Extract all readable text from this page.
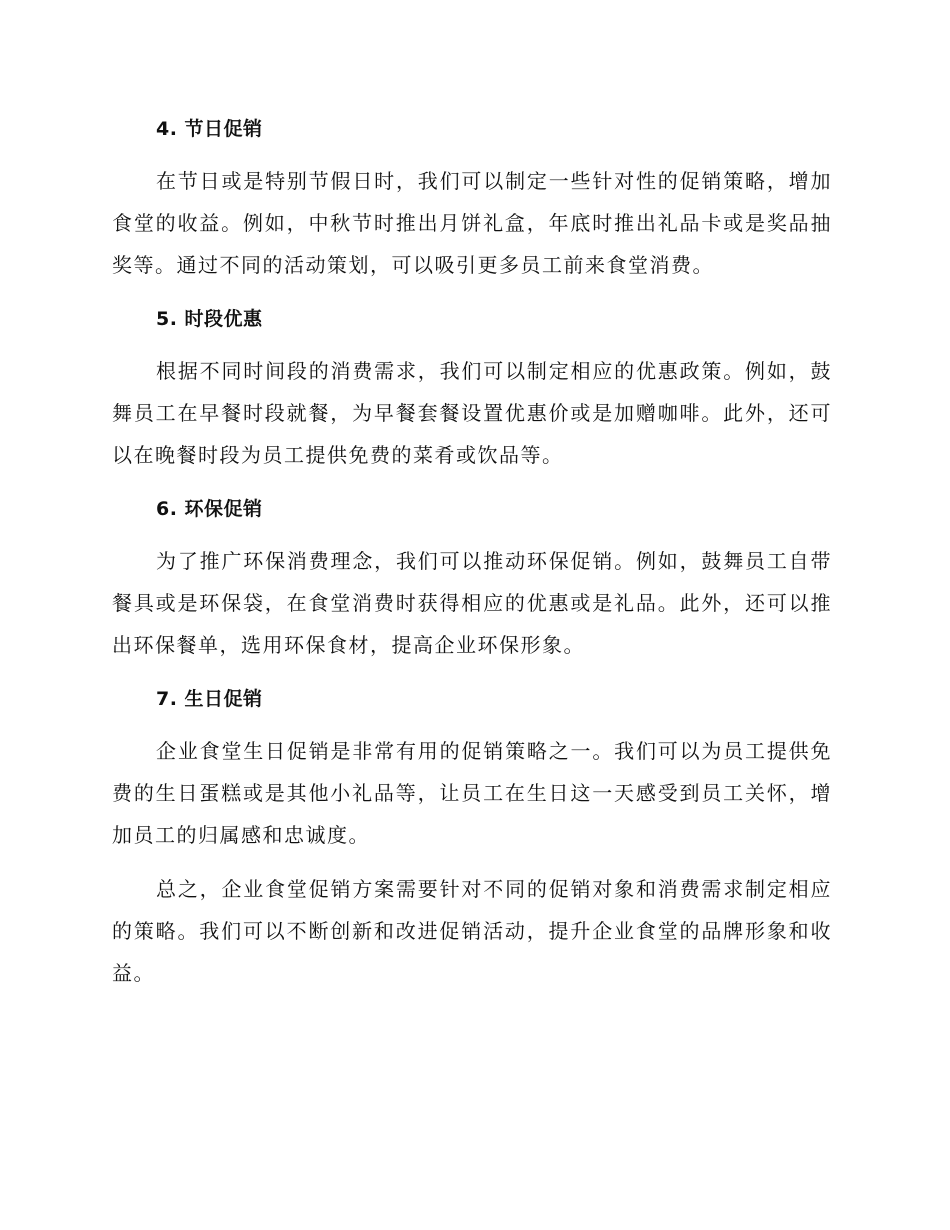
4. 节日促销

在节日或是特别节假日时，我们可以制定一些针对性的促销策略，增加食堂的收益。例如，中秋节时推出月饼礼盒，年底时推出礼品卡或是奖品抽奖等。通过不同的活动策划，可以吸引更多员工前来食堂消费。

5. 时段优惠

根据不同时间段的消费需求，我们可以制定相应的优惠政策。例如，鼓舞员工在早餐时段就餐，为早餐套餐设置优惠价或是加赠咖啡。此外，还可以在晚餐时段为员工提供免费的菜肴或饮品等。

6. 环保促销

为了推广环保消费理念，我们可以推动环保促销。例如，鼓舞员工自带餐具或是环保袋，在食堂消费时获得相应的优惠或是礼品。此外，还可以推出环保餐单，选用环保食材，提高企业环保形象。

7. 生日促销

企业食堂生日促销是非常有用的促销策略之一。我们可以为员工提供免费的生日蛋糕或是其他小礼品等，让员工在生日这一天感受到员工关怀，增加员工的归属感和忠诚度。

总之，企业食堂促销方案需要针对不同的促销对象和消费需求制定相应的策略。我们可以不断创新和改进促销活动，提升企业食堂的品牌形象和收益。
